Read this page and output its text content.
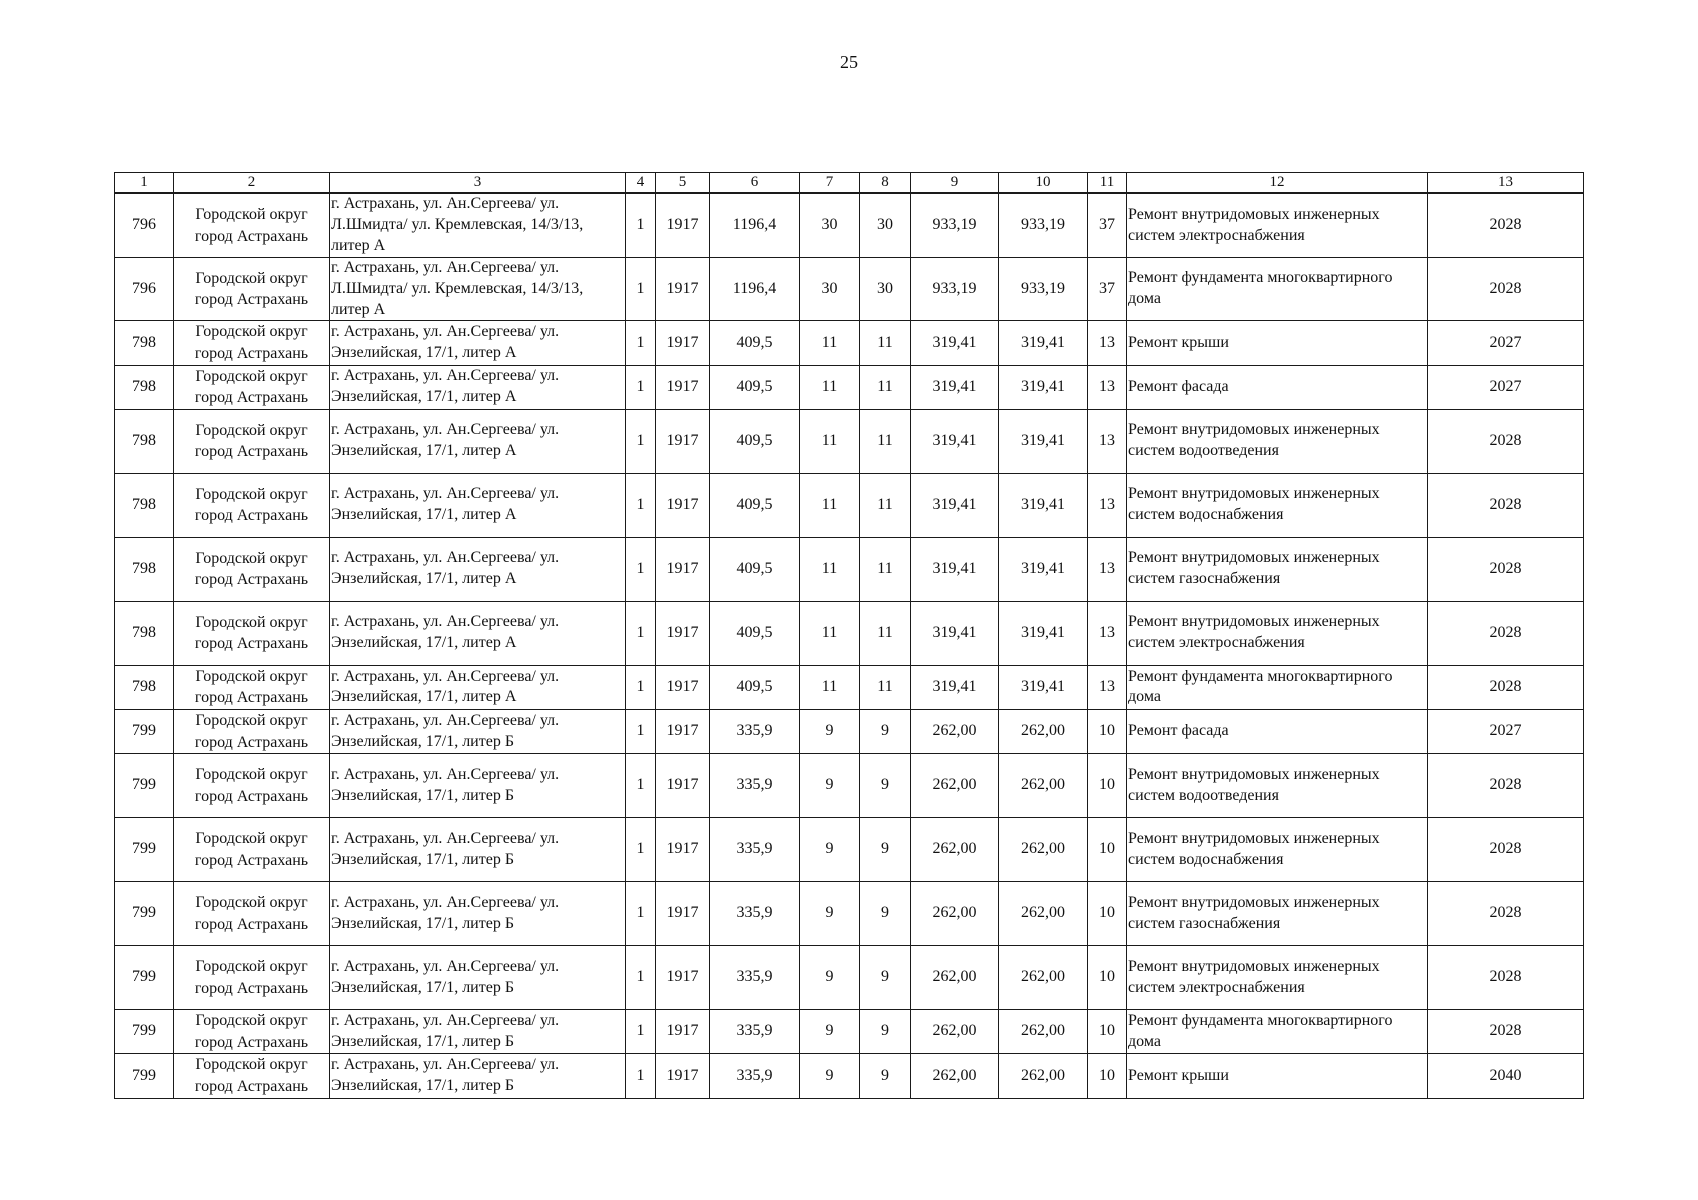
25
1	2	3	4	5	6	7	8	9	10	11	12	13
796	Городской округ город Астрахань	г. Астрахань, ул. Ан.Сергеева/ ул. Л.Шмидта/ ул. Кремлевская, 14/3/13, литер А	1	1917	1196,4	30	30	933,19	933,19	37	Ремонт внутридомовых инженерных систем электроснабжения	2028
796	Городской округ город Астрахань	г. Астрахань, ул. Ан.Сергеева/ ул. Л.Шмидта/ ул. Кремлевская, 14/3/13, литер А	1	1917	1196,4	30	30	933,19	933,19	37	Ремонт фундамента многоквартирного дома	2028
798	Городской округ город Астрахань	г. Астрахань, ул. Ан.Сергеева/ ул. Энзелийская, 17/1, литер А	1	1917	409,5	11	11	319,41	319,41	13	Ремонт крыши	2027
798	Городской округ город Астрахань	г. Астрахань, ул. Ан.Сергеева/ ул. Энзелийская, 17/1, литер А	1	1917	409,5	11	11	319,41	319,41	13	Ремонт фасада	2027
798	Городской округ город Астрахань	г. Астрахань, ул. Ан.Сергеева/ ул. Энзелийская, 17/1, литер А	1	1917	409,5	11	11	319,41	319,41	13	Ремонт внутридомовых инженерных систем водоотведения	2028
798	Городской округ город Астрахань	г. Астрахань, ул. Ан.Сергеева/ ул. Энзелийская, 17/1, литер А	1	1917	409,5	11	11	319,41	319,41	13	Ремонт внутридомовых инженерных систем водоснабжения	2028
798	Городской округ город Астрахань	г. Астрахань, ул. Ан.Сергеева/ ул. Энзелийская, 17/1, литер А	1	1917	409,5	11	11	319,41	319,41	13	Ремонт внутридомовых инженерных систем газоснабжения	2028
798	Городской округ город Астрахань	г. Астрахань, ул. Ан.Сергеева/ ул. Энзелийская, 17/1, литер А	1	1917	409,5	11	11	319,41	319,41	13	Ремонт внутридомовых инженерных систем электроснабжения	2028
798	Городской округ город Астрахань	г. Астрахань, ул. Ан.Сергеева/ ул. Энзелийская, 17/1, литер А	1	1917	409,5	11	11	319,41	319,41	13	Ремонт фундамента многоквартирного дома	2028
799	Городской округ город Астрахань	г. Астрахань, ул. Ан.Сергеева/ ул. Энзелийская, 17/1, литер Б	1	1917	335,9	9	9	262,00	262,00	10	Ремонт фасада	2027
799	Городской округ город Астрахань	г. Астрахань, ул. Ан.Сергеева/ ул. Энзелийская, 17/1, литер Б	1	1917	335,9	9	9	262,00	262,00	10	Ремонт внутридомовых инженерных систем водоотведения	2028
799	Городской округ город Астрахань	г. Астрахань, ул. Ан.Сергеева/ ул. Энзелийская, 17/1, литер Б	1	1917	335,9	9	9	262,00	262,00	10	Ремонт внутридомовых инженерных систем водоснабжения	2028
799	Городской округ город Астрахань	г. Астрахань, ул. Ан.Сергеева/ ул. Энзелийская, 17/1, литер Б	1	1917	335,9	9	9	262,00	262,00	10	Ремонт внутридомовых инженерных систем газоснабжения	2028
799	Городской округ город Астрахань	г. Астрахань, ул. Ан.Сергеева/ ул. Энзелийская, 17/1, литер Б	1	1917	335,9	9	9	262,00	262,00	10	Ремонт внутридомовых инженерных систем электроснабжения	2028
799	Городской округ город Астрахань	г. Астрахань, ул. Ан.Сергеева/ ул. Энзелийская, 17/1, литер Б	1	1917	335,9	9	9	262,00	262,00	10	Ремонт фундамента многоквартирного дома	2028
799	Городской округ город Астрахань	г. Астрахань, ул. Ан.Сергеева/ ул. Энзелийская, 17/1, литер Б	1	1917	335,9	9	9	262,00	262,00	10	Ремонт крыши	2040
